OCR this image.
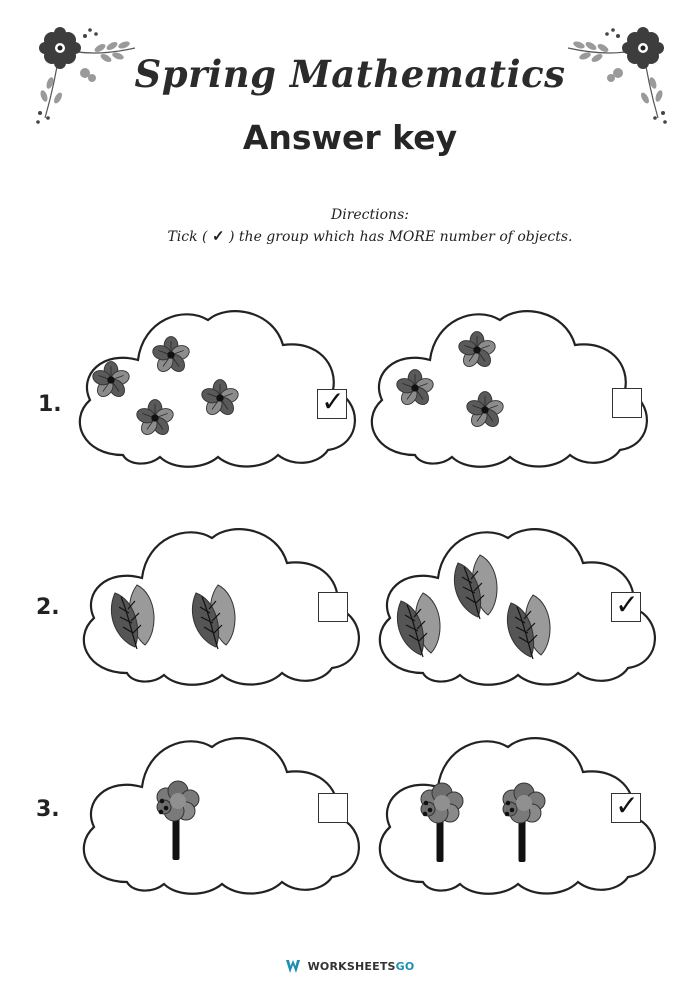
Spring Mathematics
Answer key
Directions:
Tick ( ✓ ) the group which has MORE number of objects.
1.	✓
2.	✓
3.	✓
WORKSHEETSGO
